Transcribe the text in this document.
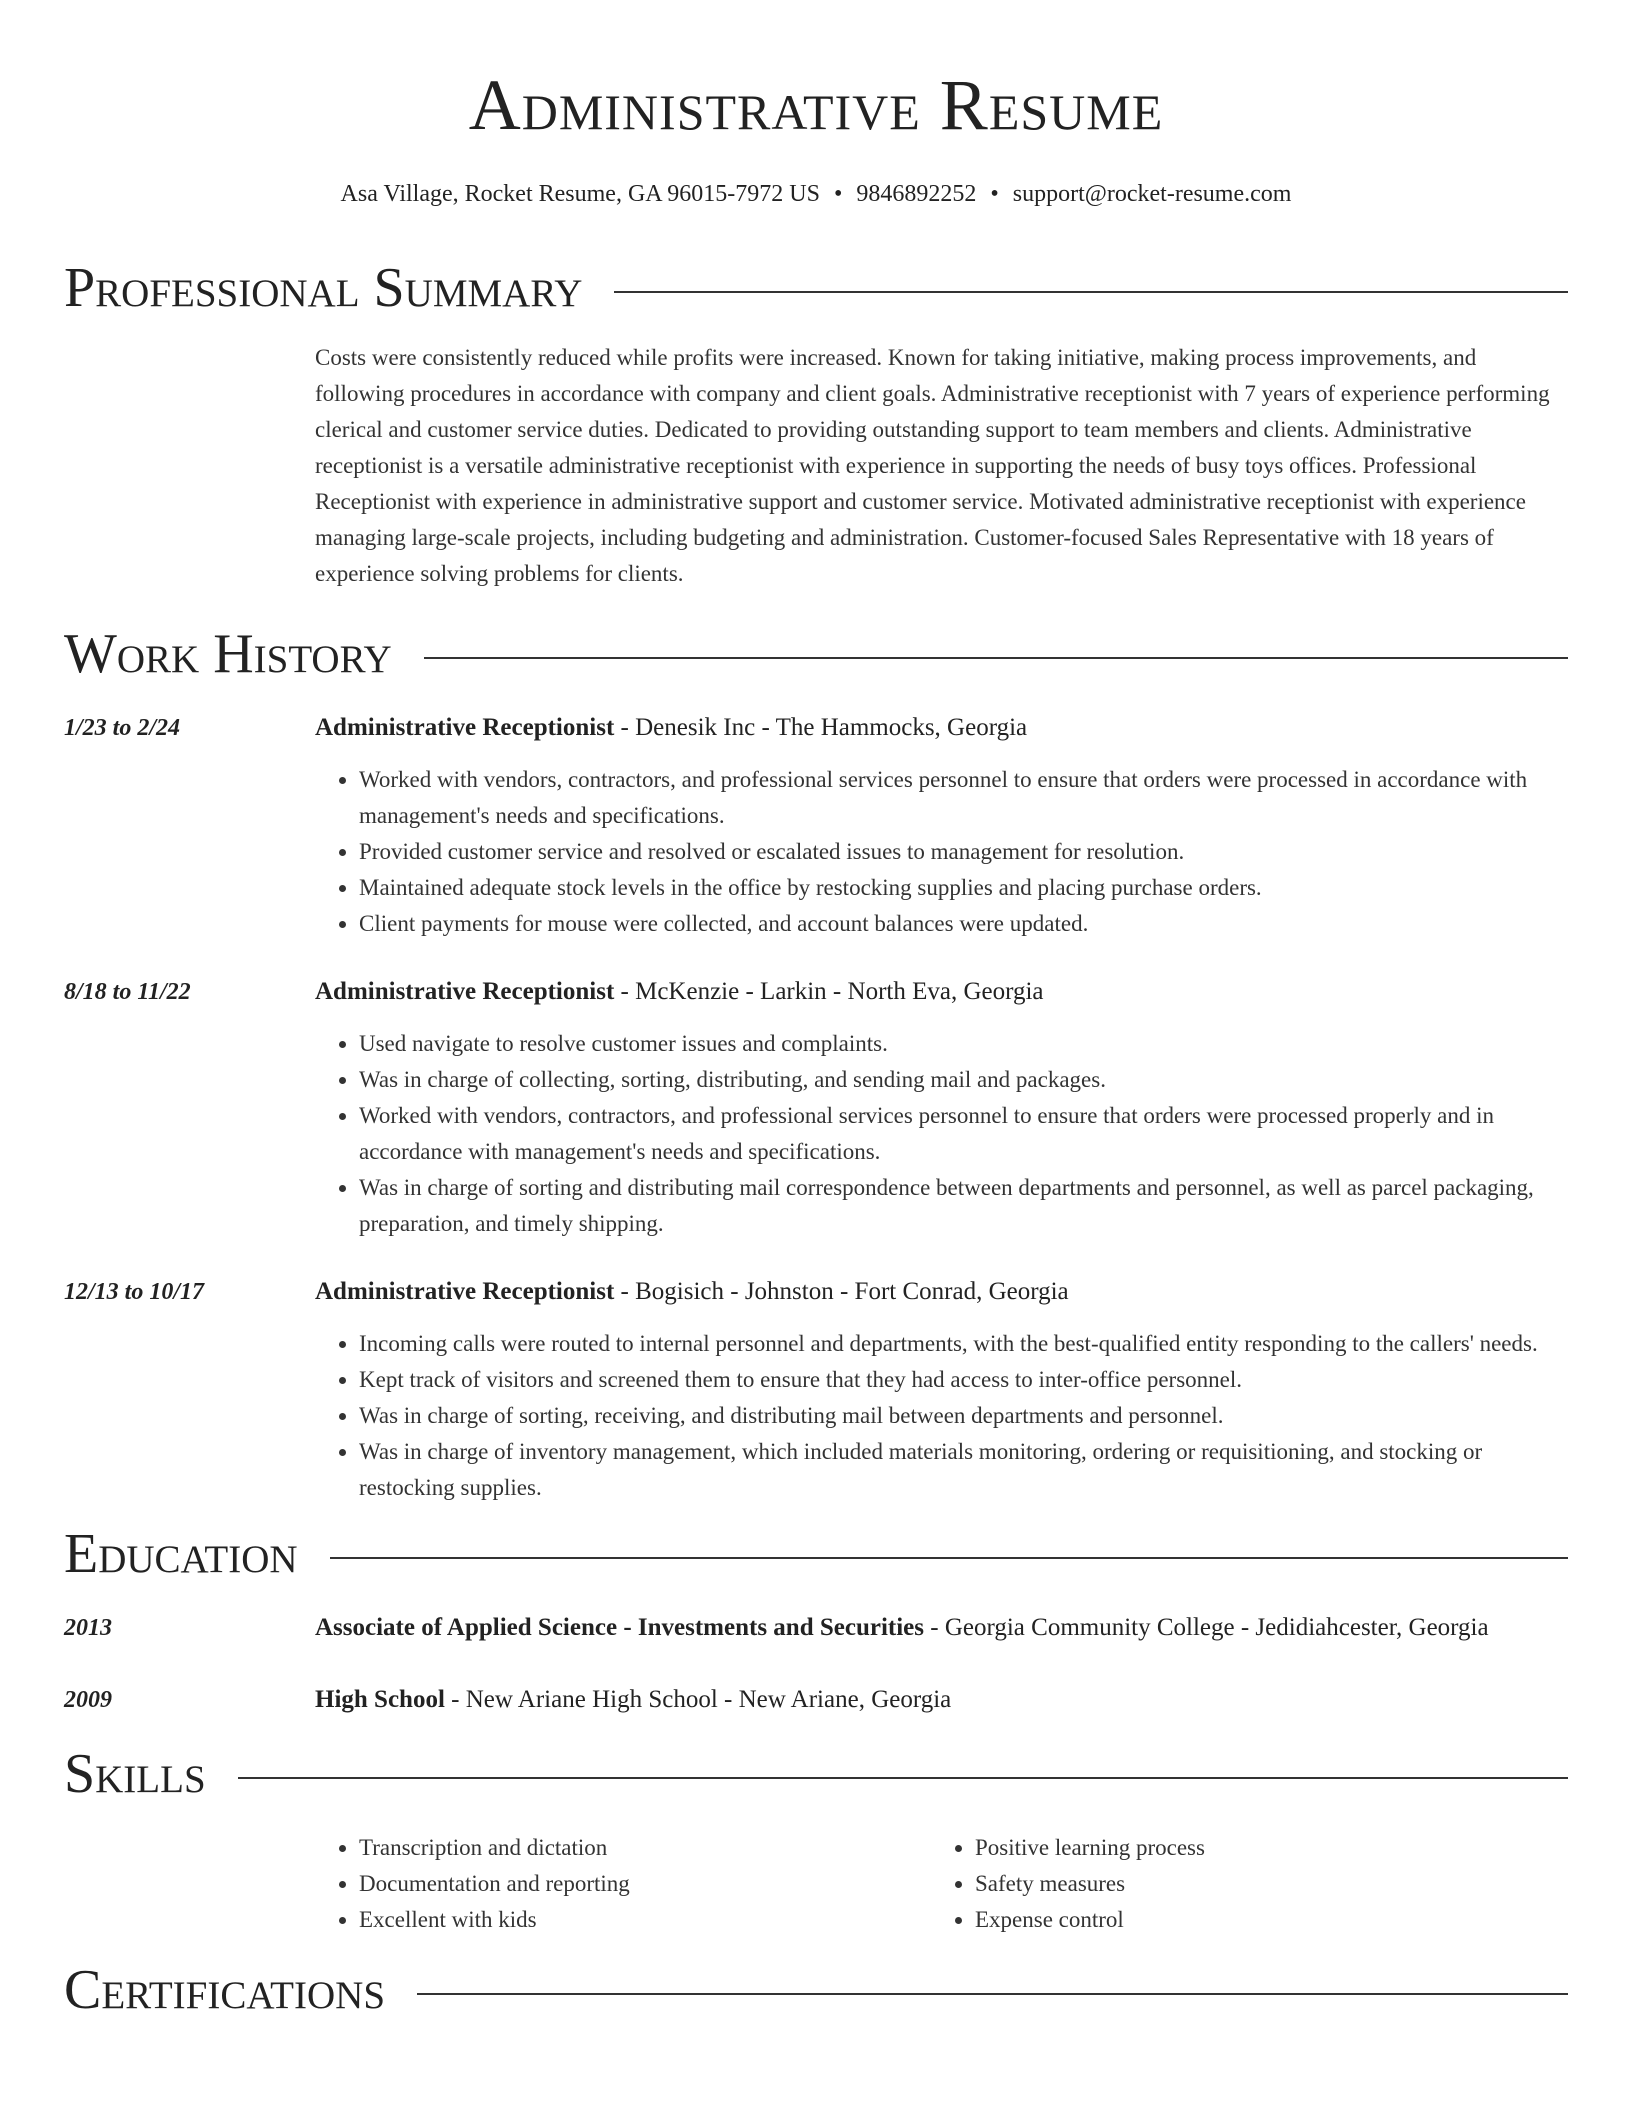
Administrative Resume
Asa Village, Rocket Resume, GA 96015-7972 US • 9846892252 • support@rocket-resume.com
Professional Summary
Costs were consistently reduced while profits were increased. Known for taking initiative, making process improvements, and following procedures in accordance with company and client goals. Administrative receptionist with 7 years of experience performing clerical and customer service duties. Dedicated to providing outstanding support to team members and clients. Administrative receptionist is a versatile administrative receptionist with experience in supporting the needs of busy toys offices. Professional Receptionist with experience in administrative support and customer service. Motivated administrative receptionist with experience managing large-scale projects, including budgeting and administration. Customer-focused Sales Representative with 18 years of experience solving problems for clients.
Work History
1/23 to 2/24	Administrative Receptionist - Denesik Inc - The Hammocks, Georgia
• Worked with vendors, contractors, and professional services personnel to ensure that orders were processed in accordance with management's needs and specifications.
• Provided customer service and resolved or escalated issues to management for resolution.
• Maintained adequate stock levels in the office by restocking supplies and placing purchase orders.
• Client payments for mouse were collected, and account balances were updated.
8/18 to 11/22	Administrative Receptionist - McKenzie - Larkin - North Eva, Georgia
• Used navigate to resolve customer issues and complaints.
• Was in charge of collecting, sorting, distributing, and sending mail and packages.
• Worked with vendors, contractors, and professional services personnel to ensure that orders were processed properly and in accordance with management's needs and specifications.
• Was in charge of sorting and distributing mail correspondence between departments and personnel, as well as parcel packaging, preparation, and timely shipping.
12/13 to 10/17	Administrative Receptionist - Bogisich - Johnston - Fort Conrad, Georgia
• Incoming calls were routed to internal personnel and departments, with the best-qualified entity responding to the callers' needs.
• Kept track of visitors and screened them to ensure that they had access to inter-office personnel.
• Was in charge of sorting, receiving, and distributing mail between departments and personnel.
• Was in charge of inventory management, which included materials monitoring, ordering or requisitioning, and stocking or restocking supplies.
Education
2013	Associate of Applied Science - Investments and Securities - Georgia Community College - Jedidiahcester, Georgia
2009	High School - New Ariane High School - New Ariane, Georgia
Skills
• Transcription and dictation
• Documentation and reporting
• Excellent with kids
• Positive learning process
• Safety measures
• Expense control
Certifications
